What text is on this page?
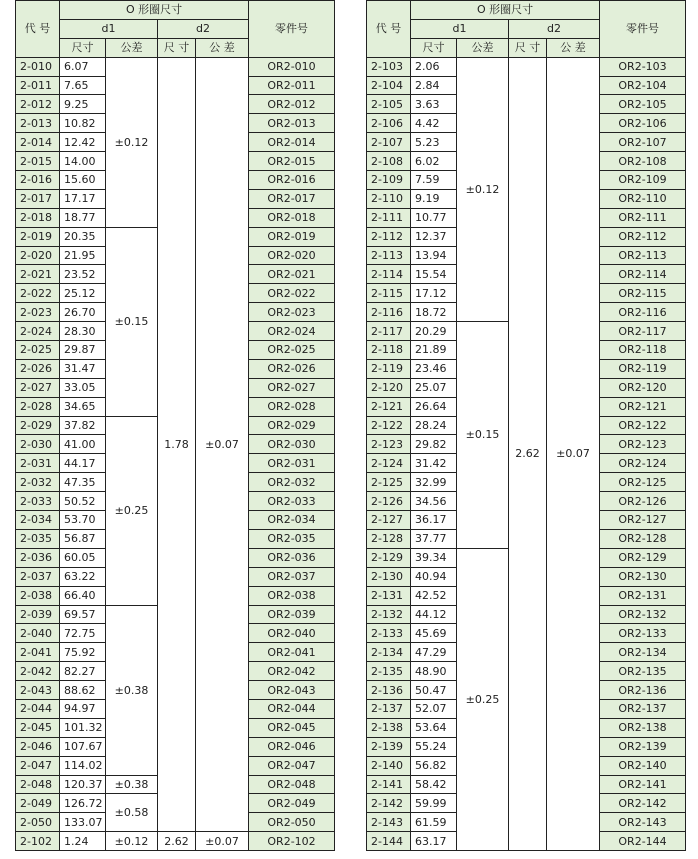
代 号	O 形圈尺寸				零件号
	d1		d2		
	尺寸	公差	尺 寸	公 差	
2-010	6.07	±0.12	1.78	±0.07	OR2-010
2-011	7.65				OR2-011
2-012	9.25				OR2-012
2-013	10.82				OR2-013
2-014	12.42				OR2-014
2-015	14.00				OR2-015
2-016	15.60				OR2-016
2-017	17.17				OR2-017
2-018	18.77				OR2-018
2-019	20.35	±0.15			OR2-019
2-020	21.95				OR2-020
2-021	23.52				OR2-021
2-022	25.12				OR2-022
2-023	26.70				OR2-023
2-024	28.30				OR2-024
2-025	29.87				OR2-025
2-026	31.47				OR2-026
2-027	33.05				OR2-027
2-028	34.65				OR2-028
2-029	37.82	±0.25			OR2-029
2-030	41.00				OR2-030
2-031	44.17				OR2-031
2-032	47.35				OR2-032
2-033	50.52				OR2-033
2-034	53.70				OR2-034
2-035	56.87				OR2-035
2-036	60.05				OR2-036
2-037	63.22				OR2-037
2-038	66.40				OR2-038
2-039	69.57	±0.38			OR2-039
2-040	72.75				OR2-040
2-041	75.92				OR2-041
2-042	82.27				OR2-042
2-043	88.62				OR2-043
2-044	94.97				OR2-044
2-045	101.32				OR2-045
2-046	107.67				OR2-046
2-047	114.02				OR2-047
2-048	120.37	±0.38			OR2-048
2-049	126.72	±0.58			OR2-049
2-050	133.07				OR2-050
2-102	1.24	±0.12	2.62	±0.07	OR2-102
代 号	O 形圈尺寸				零件号
	d1		d2		
	尺寸	公差	尺 寸	公 差	
2-103	2.06	±0.12	2.62	±0.07	OR2-103
2-104	2.84				OR2-104
2-105	3.63				OR2-105
2-106	4.42				OR2-106
2-107	5.23				OR2-107
2-108	6.02				OR2-108
2-109	7.59				OR2-109
2-110	9.19				OR2-110
2-111	10.77				OR2-111
2-112	12.37				OR2-112
2-113	13.94				OR2-113
2-114	15.54				OR2-114
2-115	17.12				OR2-115
2-116	18.72				OR2-116
2-117	20.29	±0.15			OR2-117
2-118	21.89				OR2-118
2-119	23.46				OR2-119
2-120	25.07				OR2-120
2-121	26.64				OR2-121
2-122	28.24				OR2-122
2-123	29.82				OR2-123
2-124	31.42				OR2-124
2-125	32.99				OR2-125
2-126	34.56				OR2-126
2-127	36.17				OR2-127
2-128	37.77				OR2-128
2-129	39.34	±0.25			OR2-129
2-130	40.94				OR2-130
2-131	42.52				OR2-131
2-132	44.12				OR2-132
2-133	45.69				OR2-133
2-134	47.29				OR2-134
2-135	48.90				OR2-135
2-136	50.47				OR2-136
2-137	52.07				OR2-137
2-138	53.64				OR2-138
2-139	55.24				OR2-139
2-140	56.82				OR2-140
2-141	58.42				OR2-141
2-142	59.99				OR2-142
2-143	61.59				OR2-143
2-144	63.17				OR2-144
